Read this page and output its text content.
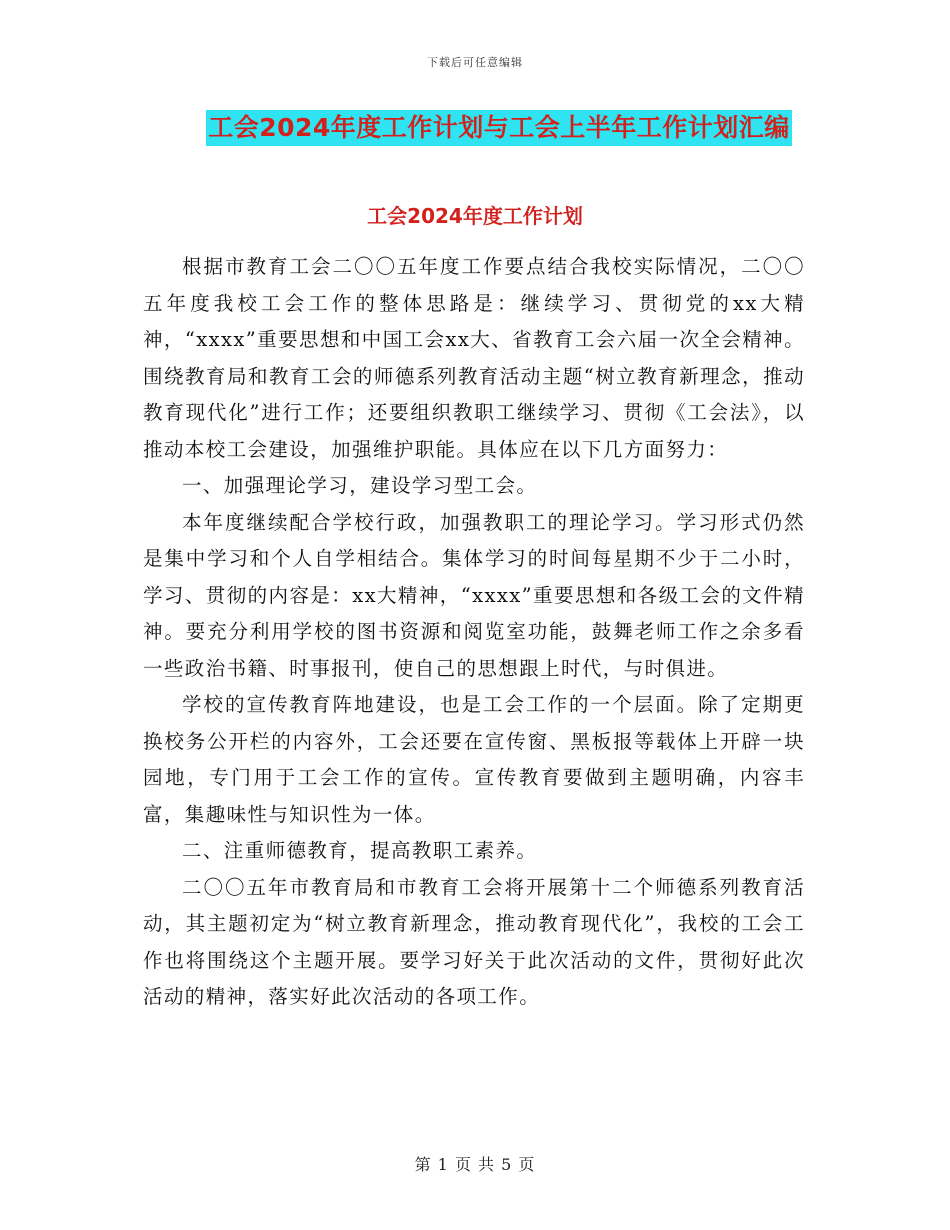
下载后可任意编辑
工会2024年度工作计划与工会上半年工作计划汇编
工会2024年度工作计划

根据市教育工会二〇〇五年度工作要点结合我校实际情况，二〇〇五年度我校工会工作的整体思路是：继续学习、贯彻党的xx大精神，“xxxx”重要思想和中国工会xx大、省教育工会六届一次全会精神。围绕教育局和教育工会的师德系列教育活动主题“树立教育新理念，推动教育现代化”进行工作；还要组织教职工继续学习、贯彻《工会法》，以推动本校工会建设，加强维护职能。具体应在以下几方面努力：

一、加强理论学习，建设学习型工会。

本年度继续配合学校行政，加强教职工的理论学习。学习形式仍然是集中学习和个人自学相结合。集体学习的时间每星期不少于二小时，学习、贯彻的内容是：xx大精神，“xxxx”重要思想和各级工会的文件精神。要充分利用学校的图书资源和阅览室功能，鼓舞老师工作之余多看一些政治书籍、时事报刊，使自己的思想跟上时代，与时俱进。

学校的宣传教育阵地建设，也是工会工作的一个层面。除了定期更换校务公开栏的内容外，工会还要在宣传窗、黑板报等载体上开辟一块园地，专门用于工会工作的宣传。宣传教育要做到主题明确，内容丰富，集趣味性与知识性为一体。

二、注重师德教育，提高教职工素养。

二〇〇五年市教育局和市教育工会将开展第十二个师德系列教育活动，其主题初定为“树立教育新理念，推动教育现代化”，我校的工会工作也将围绕这个主题开展。要学习好关于此次活动的文件，贯彻好此次活动的精神，落实好此次活动的各项工作。

第 1 页 共 5 页
